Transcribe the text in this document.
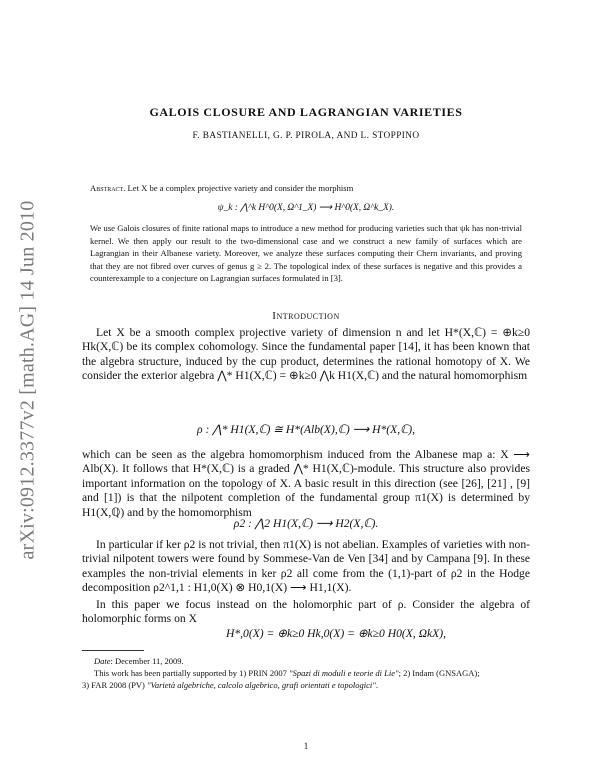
arXiv:0912.3377v2 [math.AG] 14 Jun 2010
GALOIS CLOSURE AND LAGRANGIAN VARIETIES
F. BASTIANELLI, G. P. PIROLA, AND L. STOPPINO
Abstract. Let X be a complex projective variety and consider the morphism
ψ_k : ⋀^k H^0(X, Ω^1_X) ⟶ H^0(X, Ω^k_X).
We use Galois closures of finite rational maps to introduce a new method for producing varieties such that ψk has non-trivial kernel. We then apply our result to the two-dimensional case and we construct a new family of surfaces which are Lagrangian in their Albanese variety. Moreover, we analyze these surfaces computing their Chern invariants, and proving that they are not fibred over curves of genus g ≥ 2. The topological index of these surfaces is negative and this provides a counterexample to a conjecture on Lagrangian surfaces formulated in [3].
Introduction
Let X be a smooth complex projective variety of dimension n and let H*(X,ℂ) = ⊕k≥0 Hk(X,ℂ) be its complex cohomology. Since the fundamental paper [14], it has been known that the algebra structure, induced by the cup product, determines the rational homotopy of X. We consider the exterior algebra ⋀* H1(X,ℂ) = ⊕k≥0 ⋀k H1(X,ℂ) and the natural homomorphism
ρ : ⋀* H1(X,ℂ) ≅ H*(Alb(X),ℂ) ⟶ H*(X,ℂ),
which can be seen as the algebra homomorphism induced from the Albanese map a: X ⟶ Alb(X). It follows that H*(X,ℂ) is a graded ⋀* H1(X,ℂ)-module. This structure also provides important information on the topology of X. A basic result in this direction (see [26], [21] , [9] and [1]) is that the nilpotent completion of the fundamental group π1(X) is determined by H1(X,ℚ) and by the homomorphism
ρ2 : ⋀2 H1(X,ℂ) ⟶ H2(X,ℂ).
In particular if ker ρ2 is not trivial, then π1(X) is not abelian. Examples of varieties with non-trivial nilpotent towers were found by Sommese-Van de Ven [34] and by Campana [9]. In these examples the non-trivial elements in ker ρ2 all come from the (1,1)-part of ρ2 in the Hodge decomposition ρ2^1,1 : H1,0(X) ⊗ H0,1(X) ⟶ H1,1(X).
In this paper we focus instead on the holomorphic part of ρ. Consider the algebra of holomorphic forms on X
H*,0(X) = ⊕k≥0 Hk,0(X) = ⊕k≥0 H0(X, ΩkX),
Date: December 11, 2009.
This work has been partially supported by 1) PRIN 2007 "Spazi di moduli e teorie di Lie"; 2) Indam (GNSAGA);
3) FAR 2008 (PV) "Varietà algebriche, calcolo algebrico, grafi orientati e topologici".
1
